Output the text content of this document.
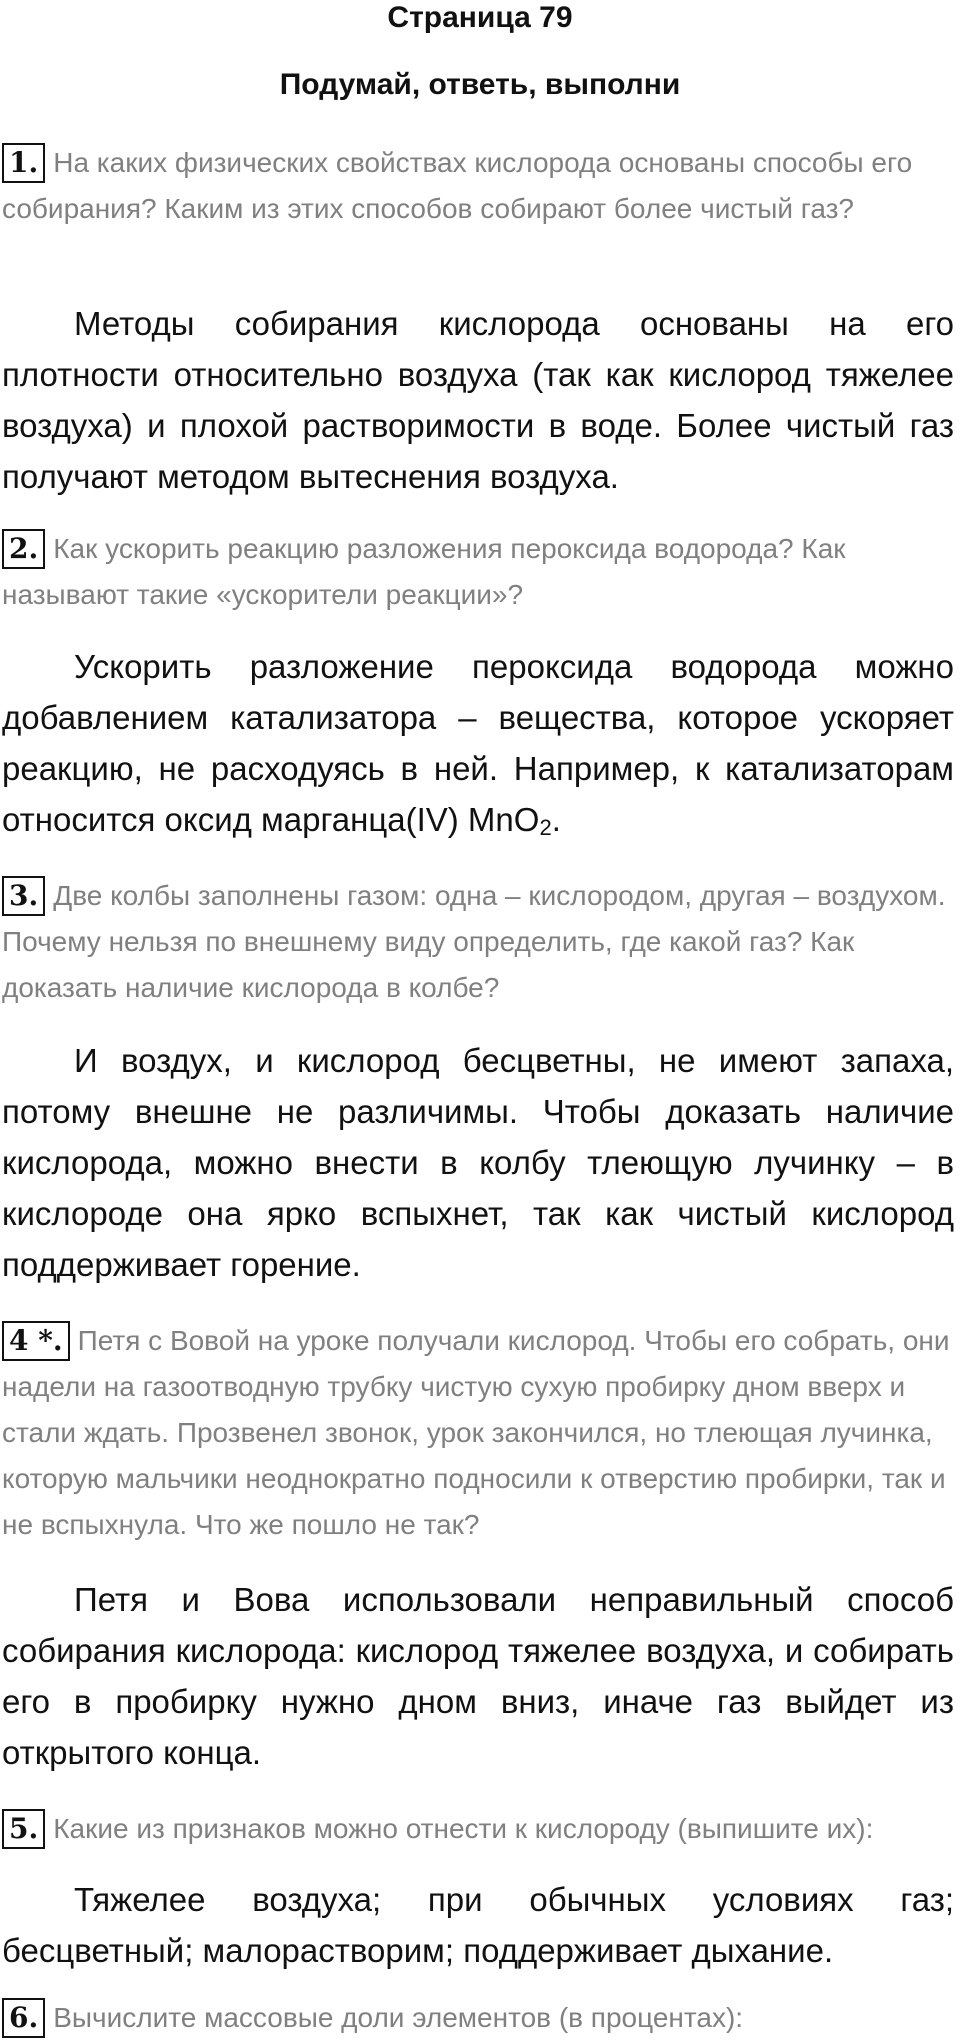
Страница 79
Подумай, ответь, выполни
1. На каких физических свойствах кислорода основаны способы его собирания? Каким из этих способов собирают более чистый газ?
Методы собирания кислорода основаны на его плотности относительно воздуха (так как кислород тяжелее воздуха) и плохой растворимости в воде. Более чистый газ получают методом вытеснения воздуха.
2. Как ускорить реакцию разложения пероксида водорода? Как называют такие «ускорители реакции»?
Ускорить разложение пероксида водорода можно добавлением катализатора – вещества, которое ускоряет реакцию, не расходуясь в ней. Например, к катализаторам относится оксид марганца(IV) MnO$_2$.
3. Две колбы заполнены газом: одна – кислородом, другая – воздухом. Почему нельзя по внешнему виду определить, где какой газ? Как доказать наличие кислорода в колбе?
И воздух, и кислород бесцветны, не имеют запаха, потому внешне не различимы. Чтобы доказать наличие кислорода, можно внести в колбу тлеющую лучинку – в кислороде она ярко вспыхнет, так как чистый кислород поддерживает горение.
4 *. Петя с Вовой на уроке получали кислород. Чтобы его собрать, они надели на газоотводную трубку чистую сухую пробирку дном вверх и стали ждать. Прозвенел звонок, урок закончился, но тлеющая лучинка, которую мальчики неоднократно подносили к отверстию пробирки, так и не вспыхнула. Что же пошло не так?
Петя и Вова использовали неправильный способ собирания кислорода: кислород тяжелее воздуха, и собирать его в пробирку нужно дном вниз, иначе газ выйдет из открытого конца.
5. Какие из признаков можно отнести к кислороду (выпишите их):
Тяжелее воздуха; при обычных условиях газ; бесцветный; малорастворим; поддерживает дыхание.
6. Вычислите массовые доли элементов (в процентах):
